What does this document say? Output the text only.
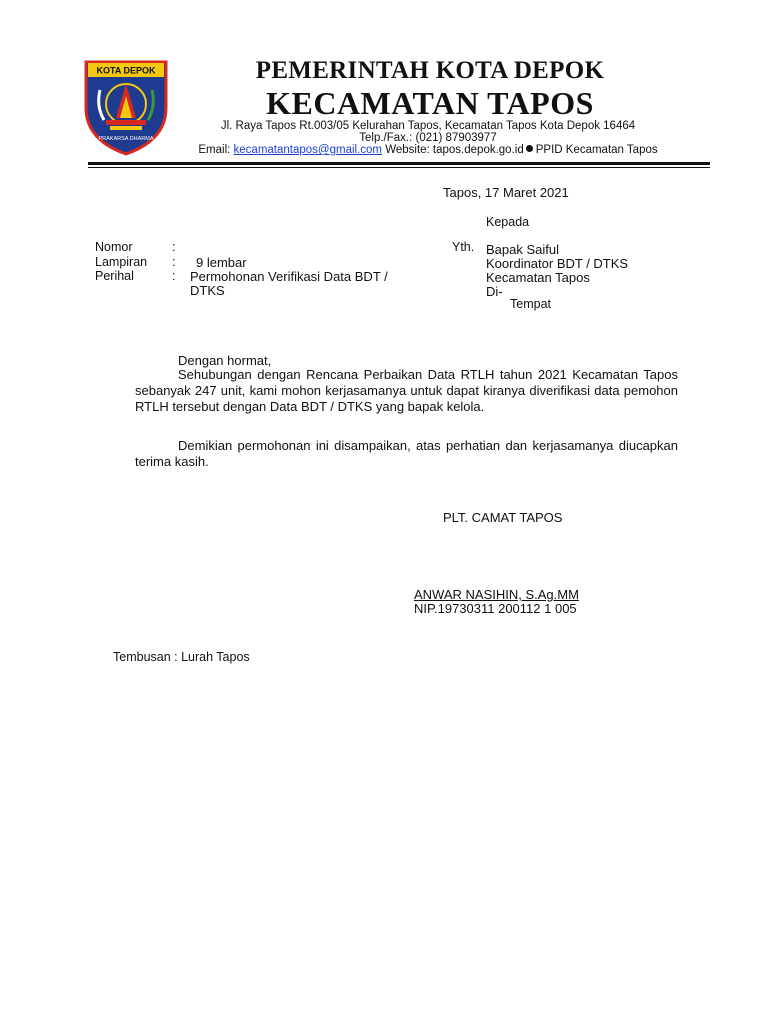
KOTA DEPOK
PRAKARSA DHARMA
PEMERINTAH KOTA DEPOK
KECAMATAN TAPOS
Jl. Raya Tapos Rt.003/05 Kelurahan Tapos, Kecamatan Tapos Kota Depok 16464
Telp./Fax.: (021) 87903977
Email: kecamatantapos@gmail.com Website: tapos.depok.go.id PPID Kecamatan Tapos
Tapos, 17 Maret 2021
Kepada
Yth. Bapak Saiful
Koordinator BDT / DTKS
Kecamatan Tapos
Di-
Tempat
Nomor	:
Lampiran : 9 lembar
Perihal	: Permohonan Verifikasi Data BDT /
DTKS
Dengan hormat,
Sehubungan dengan Rencana Perbaikan Data RTLH tahun 2021 Kecamatan Tapos sebanyak 247 unit, kami mohon kerjasamanya untuk dapat kiranya diverifikasi data pemohon RTLH tersebut dengan Data BDT / DTKS yang bapak kelola.
Demikian permohonan ini disampaikan, atas perhatian dan kerjasamanya diucapkan terima kasih.
PLT. CAMAT TAPOS
ANWAR NASIHIN, S.Ag.MM
NIP.19730311 200112 1 005
Tembusan : Lurah Tapos
